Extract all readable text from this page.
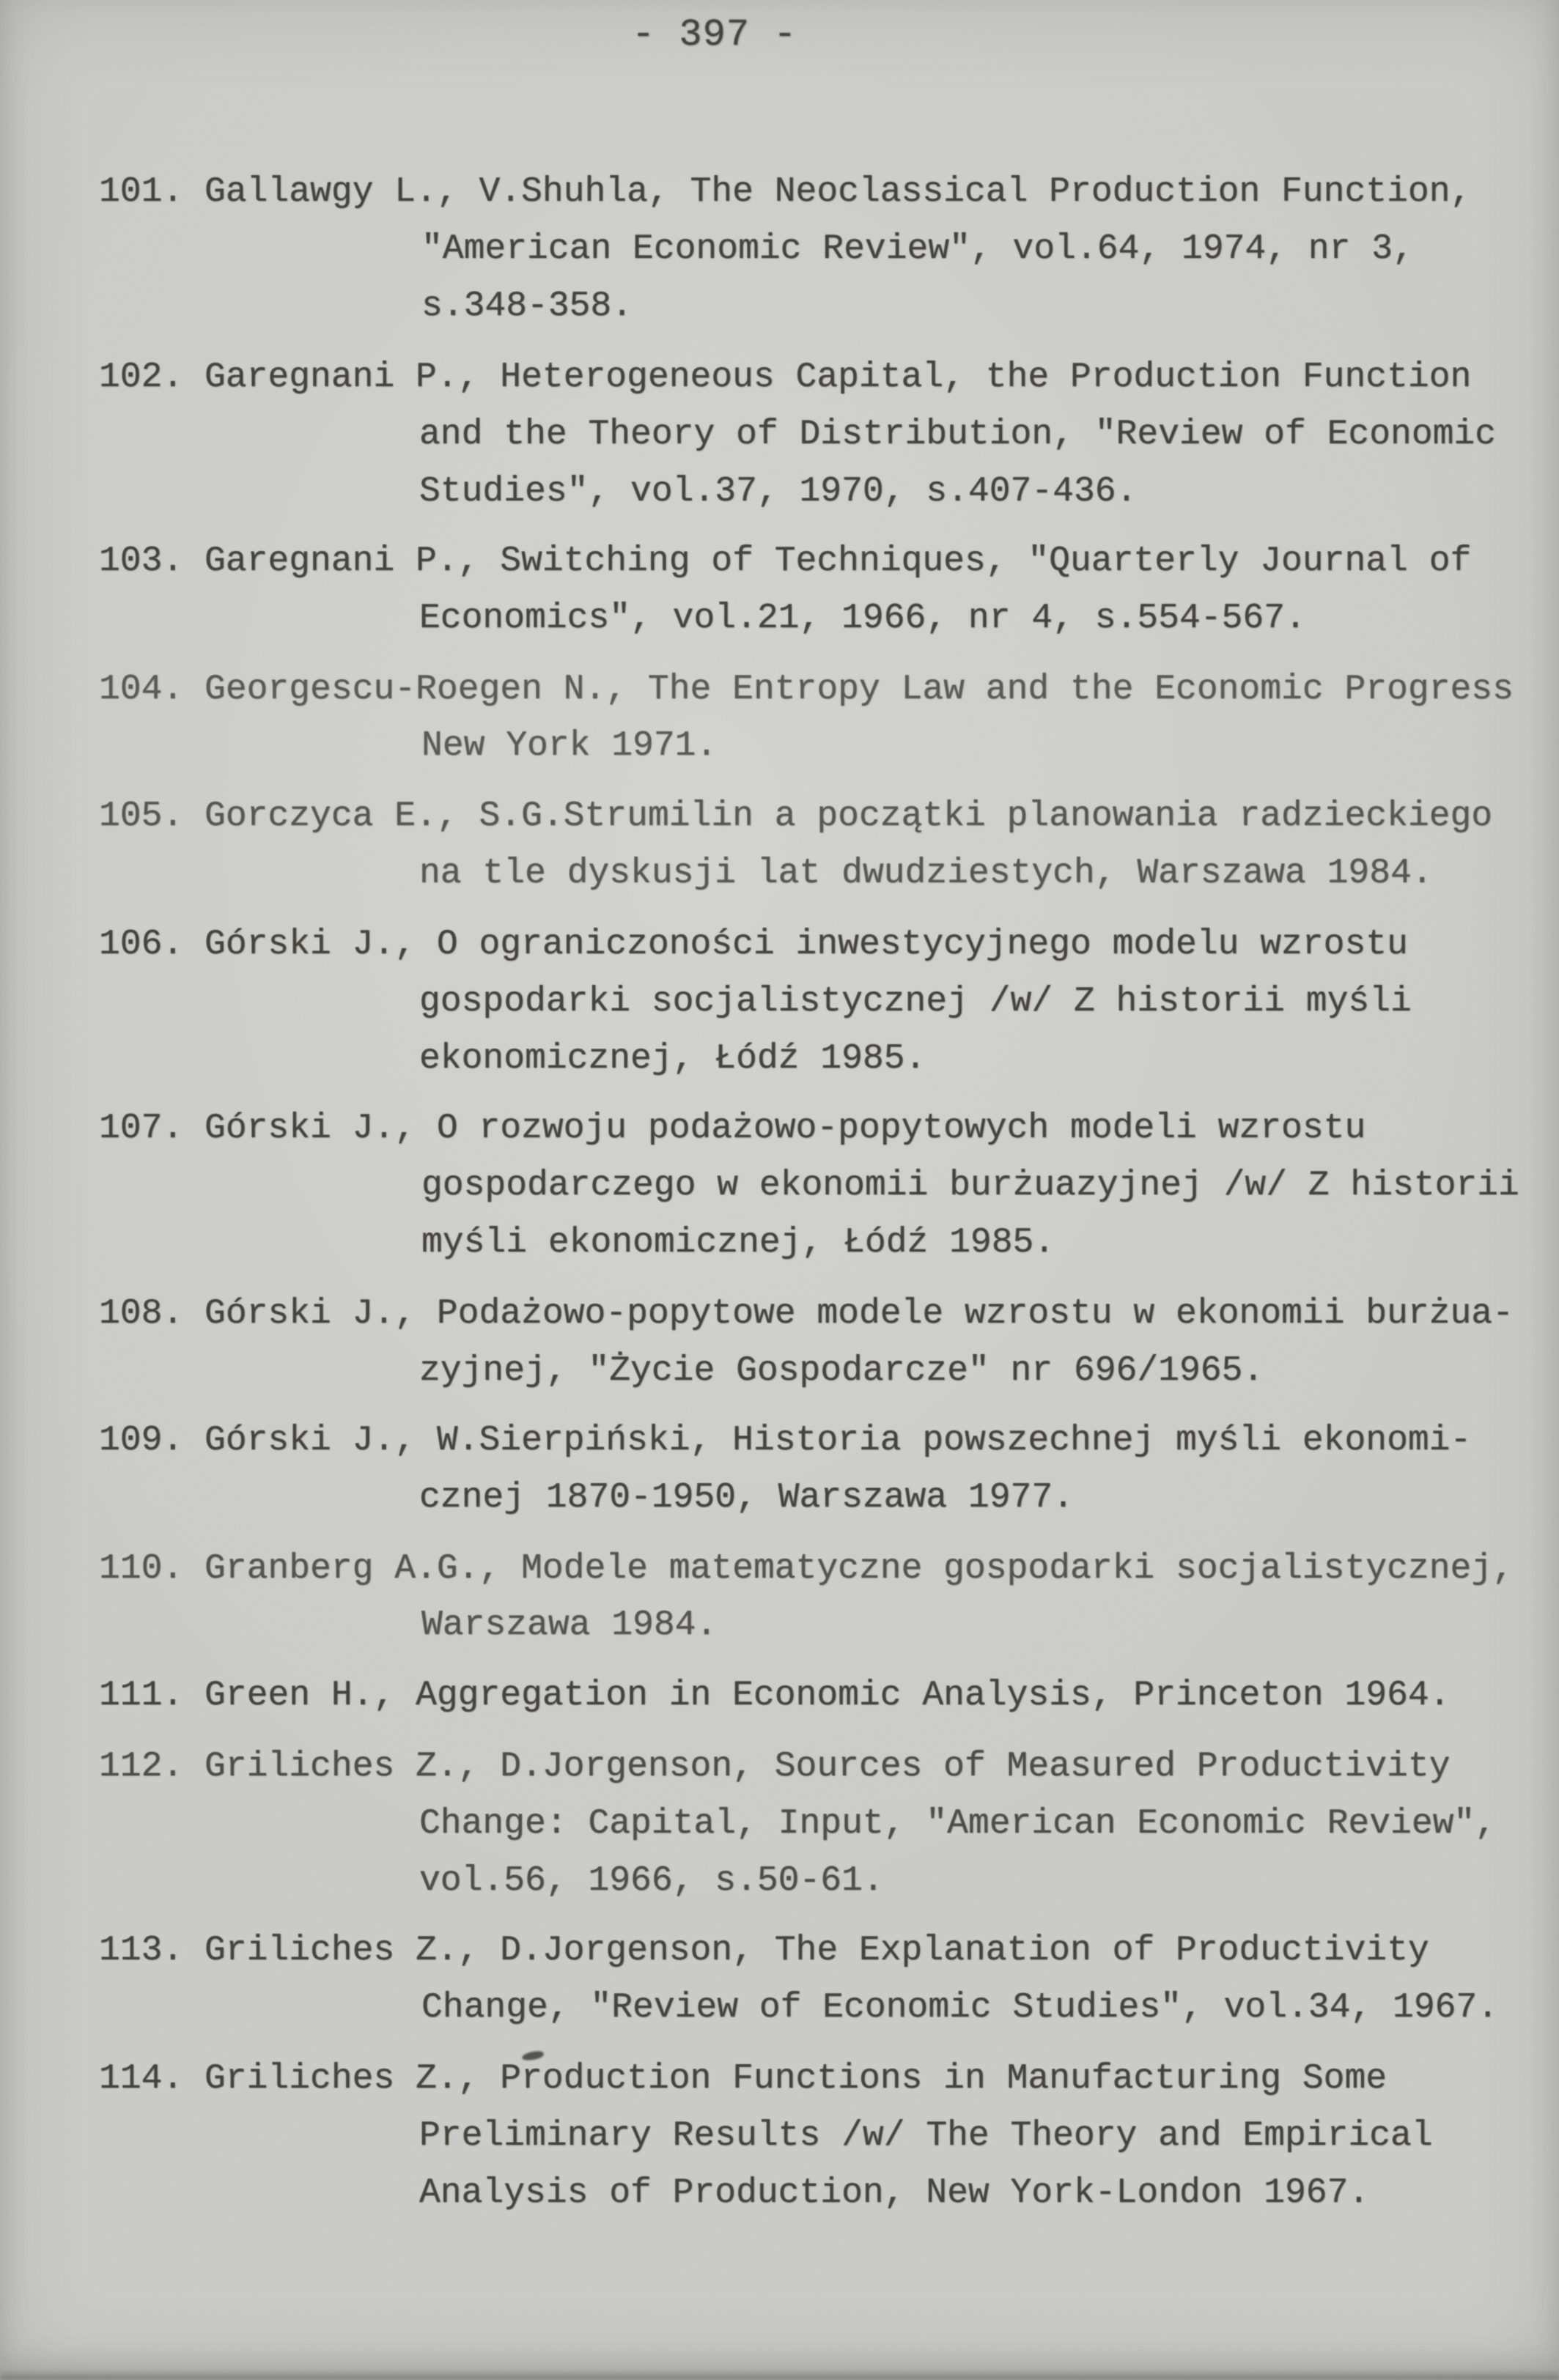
- 397 -
101. Gallawgy L., V.Shuhla, The Neoclassical Production Function,
"American Economic Review", vol.64, 1974, nr 3,
s.348-358.
102. Garegnani P., Heterogeneous Capital, the Production Function
and the Theory of Distribution, "Review of Economic
Studies", vol.37, 1970, s.407-436.
103. Garegnani P., Switching of Techniques, "Quarterly Journal of
Economics", vol.21, 1966, nr 4, s.554-567.
104. Georgescu-Roegen N., The Entropy Law and the Economic Progress
New York 1971.
105. Gorczyca E., S.G.Strumilin a początki planowania radzieckiego
na tle dyskusji lat dwudziestych, Warszawa 1984.
106. Górski J., O ograniczoności inwestycyjnego modelu wzrostu
gospodarki socjalistycznej /w/ Z historii myśli
ekonomicznej, Łódź 1985.
107. Górski J., O rozwoju podażowo-popytowych modeli wzrostu
gospodarczego w ekonomii burżuazyjnej /w/ Z historii
myśli ekonomicznej, Łódź 1985.
108. Górski J., Podażowo-popytowe modele wzrostu w ekonomii burżua-
zyjnej, "Życie Gospodarcze" nr 696/1965.
109. Górski J., W.Sierpiński, Historia powszechnej myśli ekonomi-
cznej 1870-1950, Warszawa 1977.
110. Granberg A.G., Modele matematyczne gospodarki socjalistycznej,
Warszawa 1984.
111. Green H., Aggregation in Economic Analysis, Princeton 1964.
112. Griliches Z., D.Jorgenson, Sources of Measured Productivity
Change: Capital, Input, "American Economic Review",
vol.56, 1966, s.50-61.
113. Griliches Z., D.Jorgenson, The Explanation of Productivity
Change, "Review of Economic Studies", vol.34, 1967.
114. Griliches Z., Production Functions in Manufacturing Some
Preliminary Results /w/ The Theory and Empirical
Analysis of Production, New York-London 1967.
